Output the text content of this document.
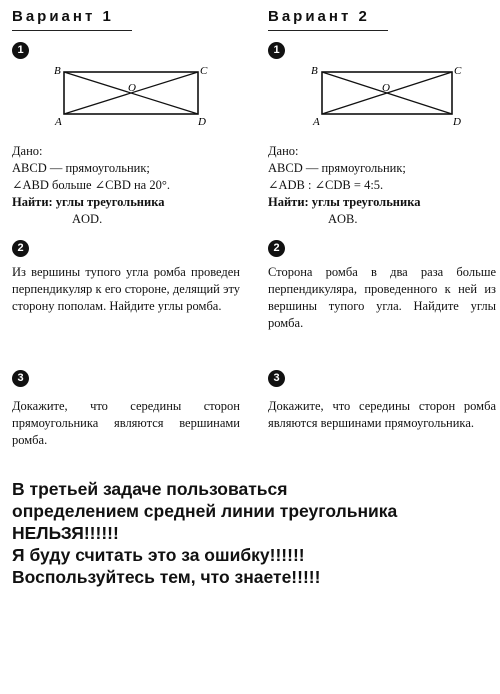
Вариант 1
1
B	C
A	D
O

Дано:

ABCD — прямоугольник;

∠ABD больше ∠CBD на 20°.

Найти: углы треугольника

AOD.

2
Из вершины тупого угла ромба проведен перпендикуляр к его стороне, делящий эту сторону пополам. Найдите углы ромба.
3
Докажите, что середины сторон прямоугольника являются вершинами ромба.
Вариант 2
1
B	C
A	D
O

Дано:

ABCD — прямоугольник;

∠ADB : ∠CDB = 4:5.

Найти: углы треугольника

AOB.

2
Сторона ромба в два раза больше перпендикуляра, проведенного к ней из вершины тупого угла. Найдите углы ромба.
3
Докажите, что середины сторон ромба являются вершинами прямоугольника.

В третьей задаче пользоваться

определением средней линии треугольника

НЕЛЬЗЯ!!!!!!

Я буду считать это за ошибку!!!!!!

Воспользуйтесь тем, что знаете!!!!!
